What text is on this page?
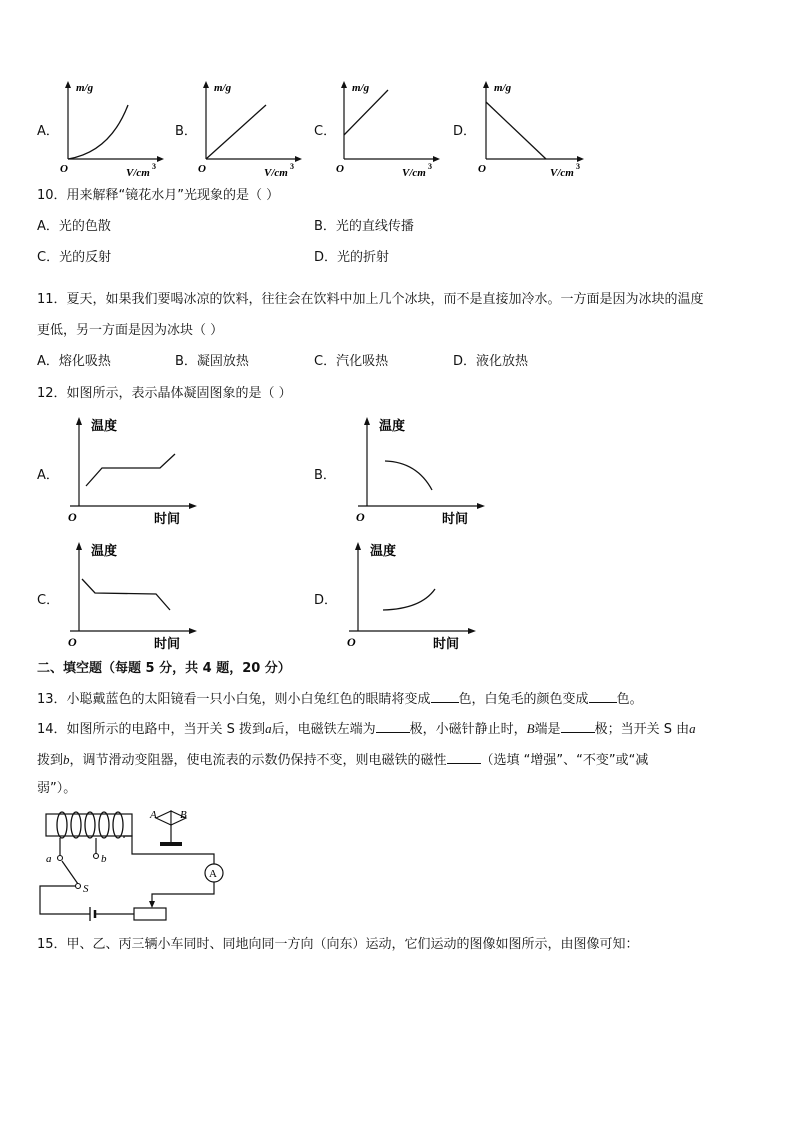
A．
m/g
O	V/cm
3
B．
m/g
O	V/cm
3
C．
m/g
O	V/cm
3
D．
m/g
O	V/cm
3
10．用来解释“镜花水月”光现象的是（ ）
A．光的色散	B．光的直线传播
C．光的反射	D．光的折射
11．夏天，如果我们要喝冰凉的饮料，往往会在饮料中加上几个冰块，而不是直接加冷水。一方面是因为冰块的温度
更低，另一方面是因为冰块（ ）
A．熔化吸热	B．凝固放热	C．汽化吸热	D．液化放热
12．如图所示，表示晶体凝固图象的是（ ）
A．
温度
O	时间
B．
温度
O	时间
C．
温度
O	时间
D．
温度
O	时间
二、填空题（每题 5 分，共 4 题，20 分）
13．小聪戴蓝色的太阳镜看一只小白兔，则小白兔红色的眼睛将变成 色，白兔毛的颜色变成 色。
14．如图所示的电路中，当开关 S 拨到a后，电磁铁左端为	极，小磁针静止时，B端是	极；当开关 S 由a
拨到b，调节滑动变阻器，使电流表的示数仍保持不变，则电磁铁的磁性	（选填 “增强”、“不变”或“减
弱”）。
A B
a	b
S
A
15．甲、乙、丙三辆小车同时、同地向同一方向（向东）运动，它们运动的图像如图所示，由图像可知：
